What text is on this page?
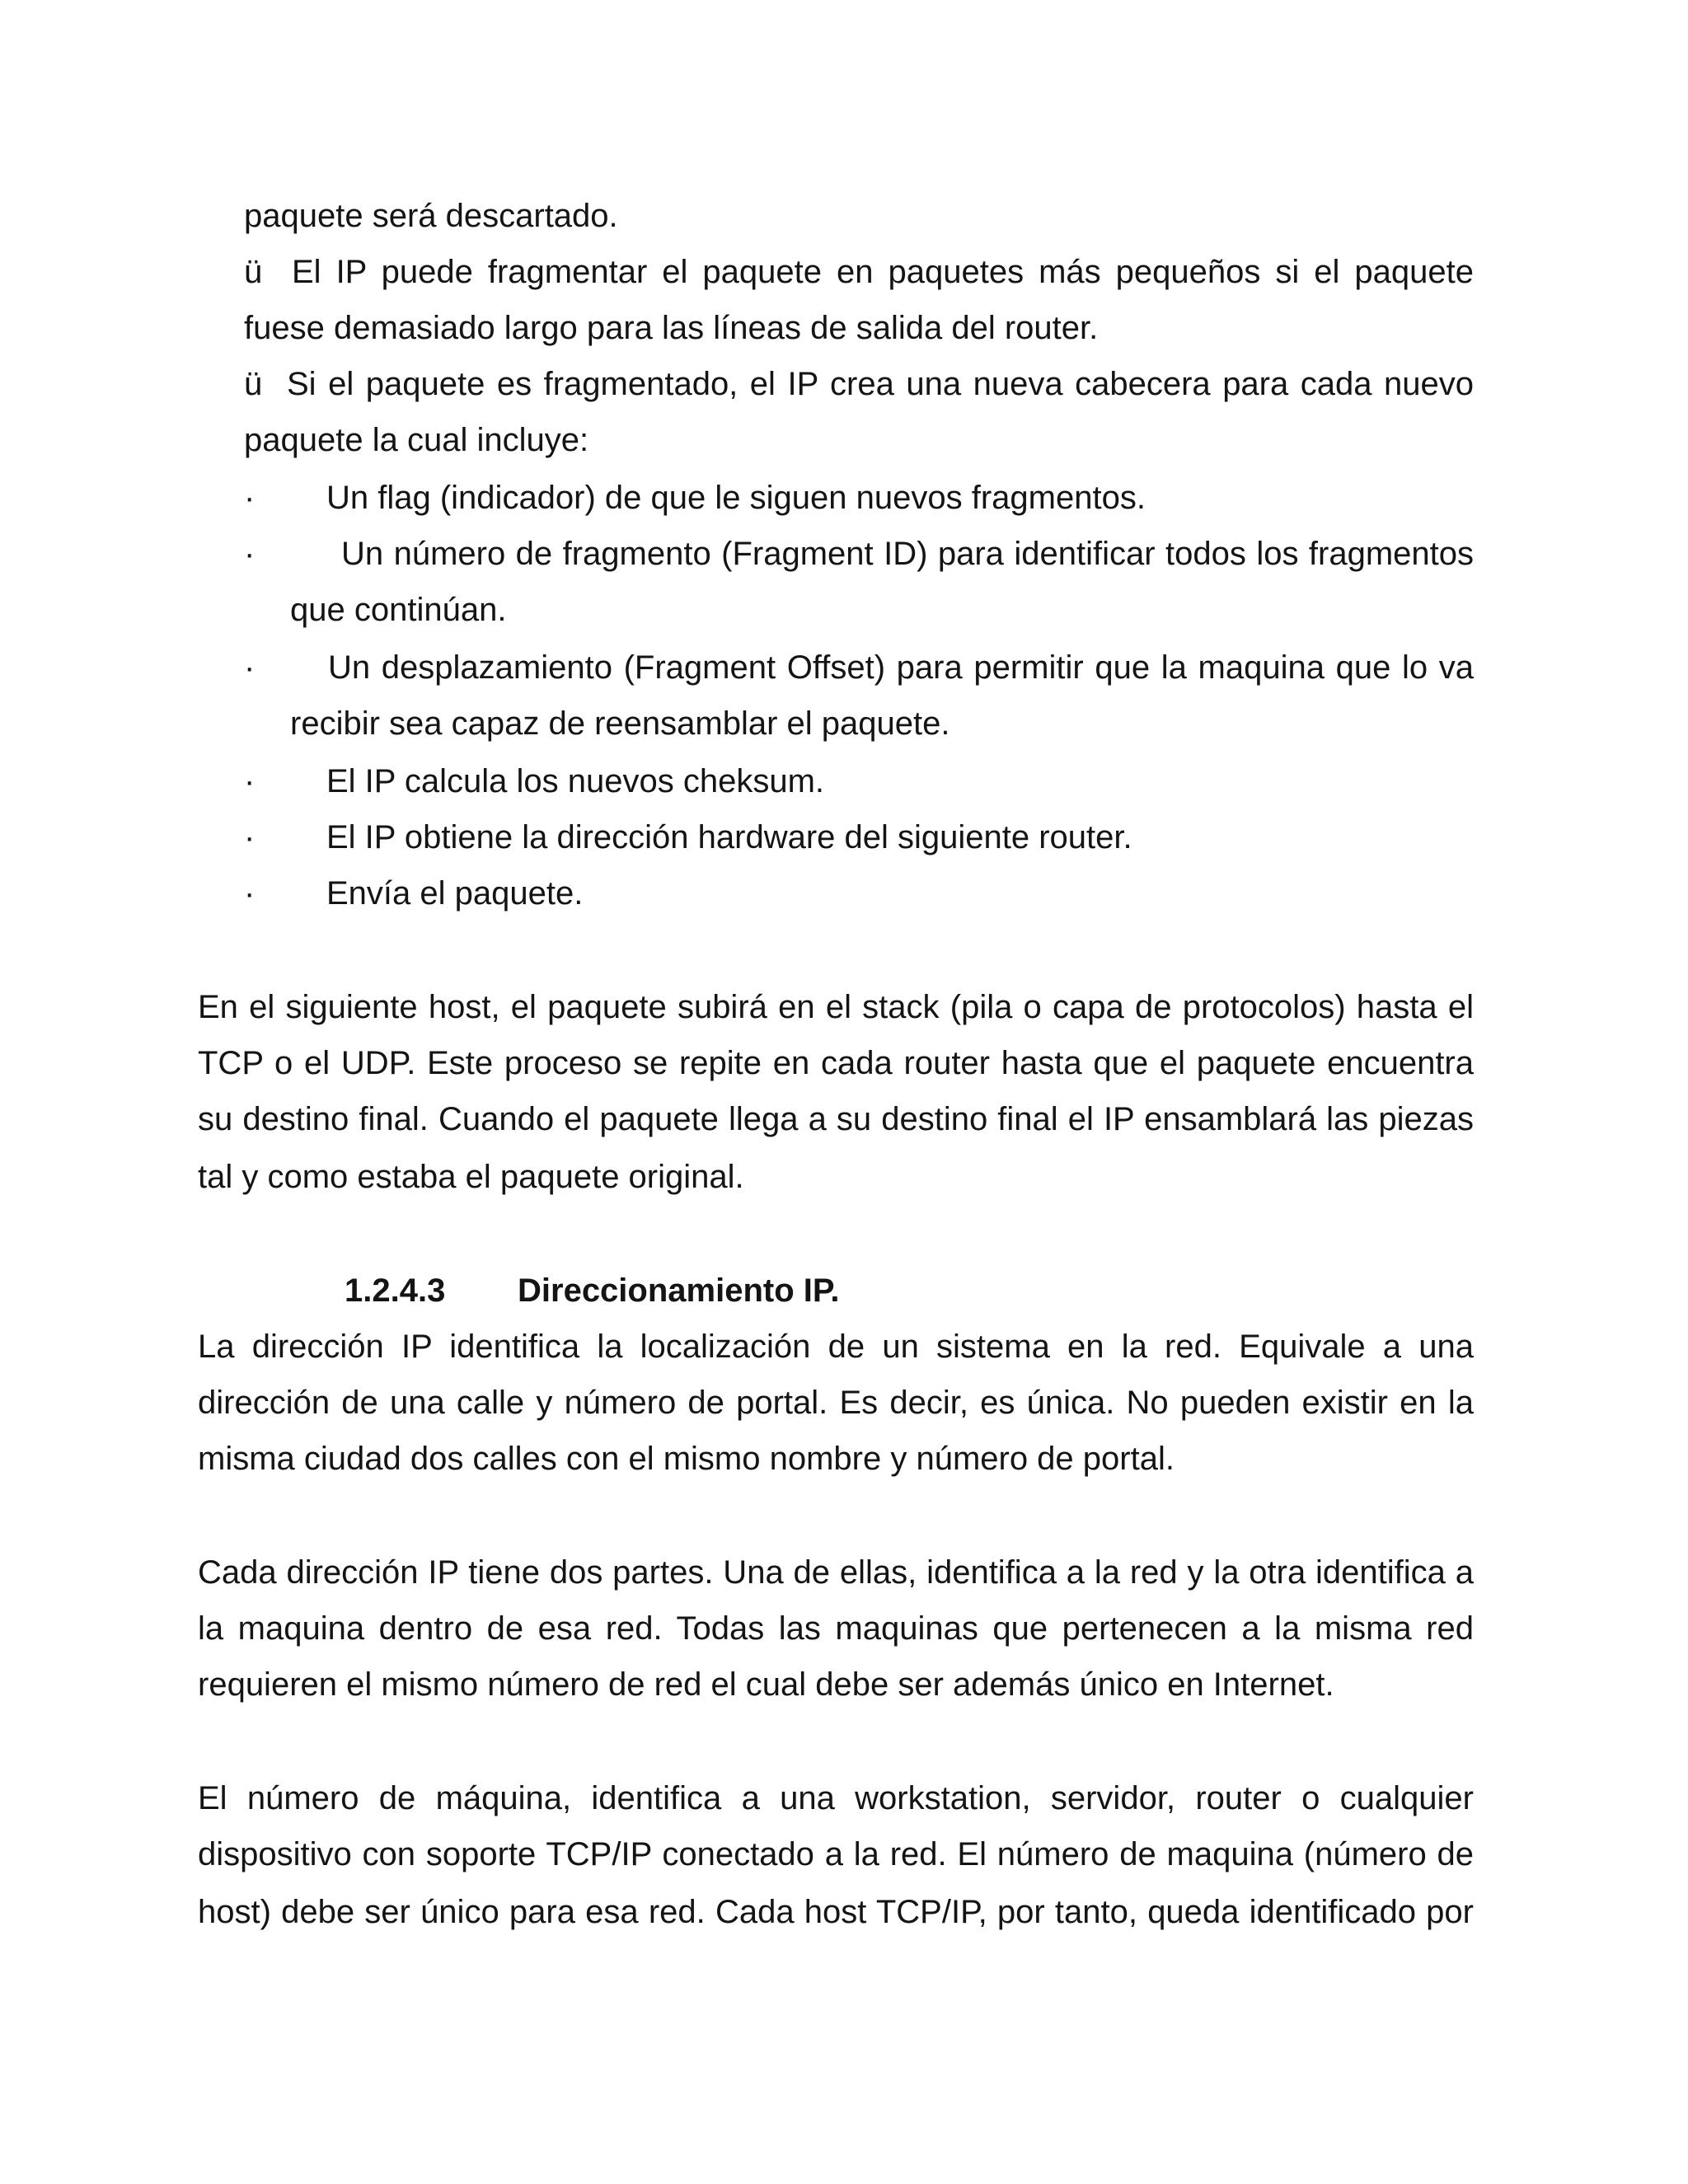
paquete será descartado.
ü El IP puede fragmentar el paquete en paquetes más pequeños si el paquete
fuese demasiado largo para las líneas de salida del router.
ü Si el paquete es fragmentado, el IP crea una nueva cabecera para cada nuevo
paquete la cual incluye:
· Un flag (indicador) de que le siguen nuevos fragmentos.
·	Un número de fragmento (Fragment ID) para identificar todos los fragmentos
que continúan.
· Un desplazamiento (Fragment Offset) para permitir que la maquina que lo va
recibir sea capaz de reensamblar el paquete.
· El IP calcula los nuevos cheksum.
· El IP obtiene la dirección hardware del siguiente router.
· Envía el paquete.
En el siguiente host, el paquete subirá en el stack (pila o capa de protocolos) hasta el
TCP o el UDP. Este proceso se repite en cada router hasta que el paquete encuentra
su destino final. Cuando el paquete llega a su destino final el IP ensamblará las piezas
tal y como estaba el paquete original.
1.2.4.3 Direccionamiento IP.
La dirección IP identifica la localización de un sistema en la red. Equivale a una
dirección de una calle y número de portal. Es decir, es única. No pueden existir en la
misma ciudad dos calles con el mismo nombre y número de portal.
Cada dirección IP tiene dos partes. Una de ellas, identifica a la red y la otra identifica a
la maquina dentro de esa red. Todas las maquinas que pertenecen a la misma red
requieren el mismo número de red el cual debe ser además único en Internet.
El número de máquina, identifica a una workstation, servidor, router o cualquier
dispositivo con soporte TCP/IP conectado a la red. El número de maquina (número de
host) debe ser único para esa red. Cada host TCP/IP, por tanto, queda identificado por
